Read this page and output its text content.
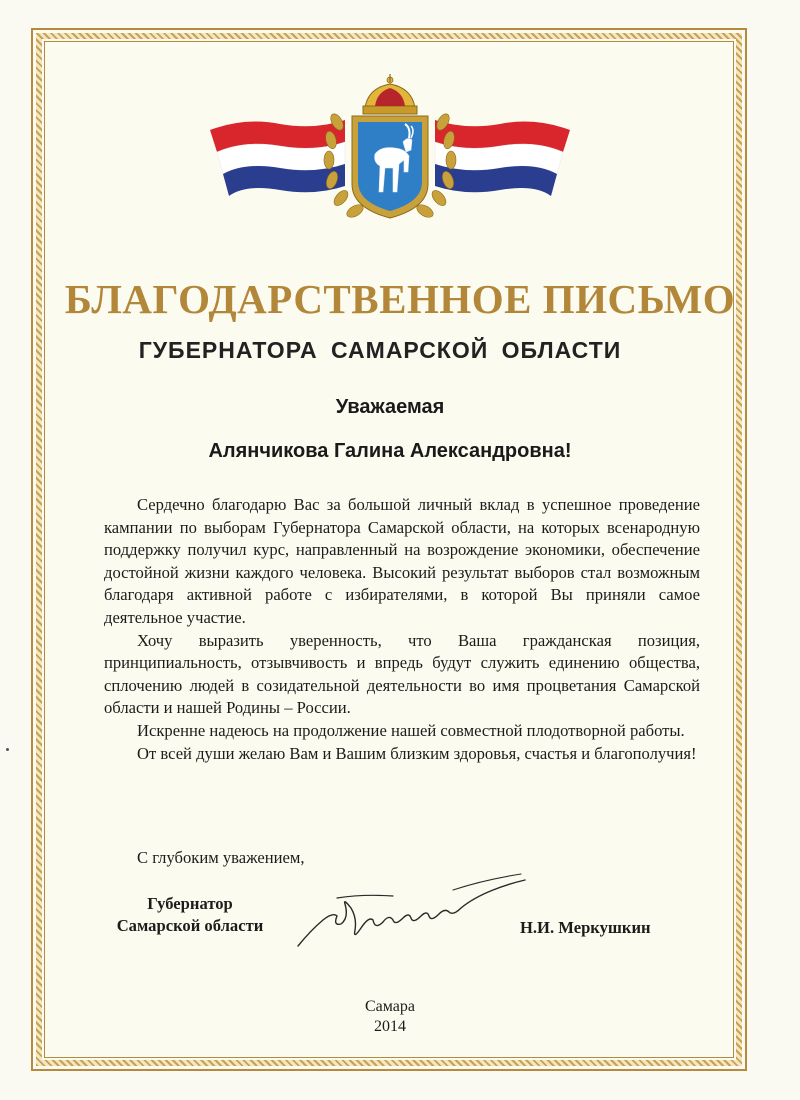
БЛАГОДАРСТВЕННОЕ ПИСЬМО
ГУБЕРНАТОРА САМАРСКОЙ ОБЛАСТИ
Уважаемая
Алянчикова Галина Александровна!

Сердечно благодарю Вас за большой личный вклад в успешное проведение кампании по выборам Губернатора Самарской области, на которых всенародную поддержку получил курс, направленный на возрождение экономики, обеспечение достойной жизни каждого человека. Высокий результат выборов стал возможным благодаря активной работе с избирателями, в которой Вы приняли самое деятельное участие.

Хочу выразить уверенность, что Ваша гражданская позиция, принципиальность, отзывчивость и впредь будут служить единению общества, сплочению людей в созидательной деятельности во имя процветания Самарской области и нашей Родины – России.

Искренне надеюсь на продолжение нашей совместной плодотворной работы.

От всей души желаю Вам и Вашим близким здоровья, счастья и благополучия!

С глубоким уважением,
Губернатор
Самарской области	Н.И. Меркушкин
Самара
2014
